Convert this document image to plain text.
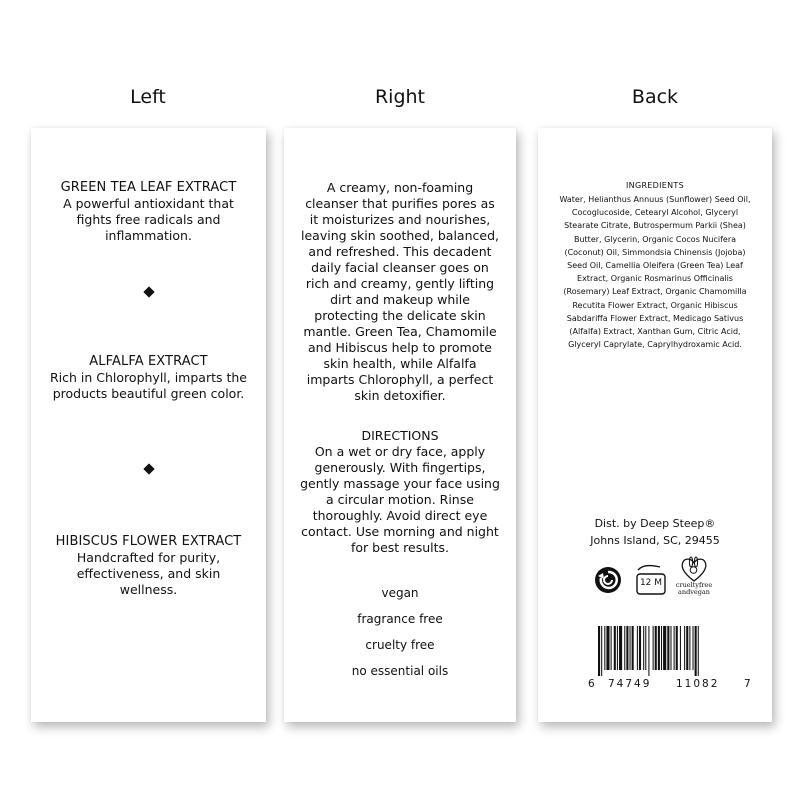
Left	Right	Back

GREEN TEA LEAF EXTRACT

A powerful antioxidant that fights free radicals and inflammation.

ALFALFA EXTRACT

Rich in Chlorophyll, imparts the products beautiful green color.

HIBISCUS FLOWER EXTRACT

Handcrafted for purity, effectiveness, and skin wellness.

A creamy, non-foaming cleanser that purifies pores as it moisturizes and nourishes, leaving skin soothed, balanced, and refreshed. This decadent daily facial cleanser goes on rich and creamy, gently lifting dirt and makeup while protecting the delicate skin mantle. Green Tea, Chamomile and Hibiscus help to promote skin health, while Alfalfa imparts Chlorophyll, a perfect skin detoxifier.

DIRECTIONS

On a wet or dry face, apply generously. With fingertips, gently massage your face using a circular motion. Rinse thoroughly. Avoid direct eye contact. Use morning and night for best results.

vegan
fragrance free
cruelty free
no essential oils

INGREDIENTS

Water, Helianthus Annuus (Sunflower) Seed Oil, Cocoglucoside, Cetearyl Alcohol, Glyceryl Stearate Citrate, Butrospermum Parkii (Shea) Butter, Glycerin, Organic Cocos Nucifera (Coconut) Oil, Simmondsia Chinensis (Jojoba) Seed Oil, Camellia Oleifera (Green Tea) Leaf Extract, Organic Rosmarinus Officinalis (Rosemary) Leaf Extract, Organic Chamomilla Recutita Flower Extract, Organic Hibiscus Sabdariffa Flower Extract, Medicago Sativus (Alfalfa) Extract, Xanthan Gum, Citric Acid, Glyceryl Caprylate, Caprylhydroxamic Acid.

Dist. by Deep Steep®
Johns Island, SC, 29455
12 M	crueltyfree
andvegan
6 74749 11082 7
